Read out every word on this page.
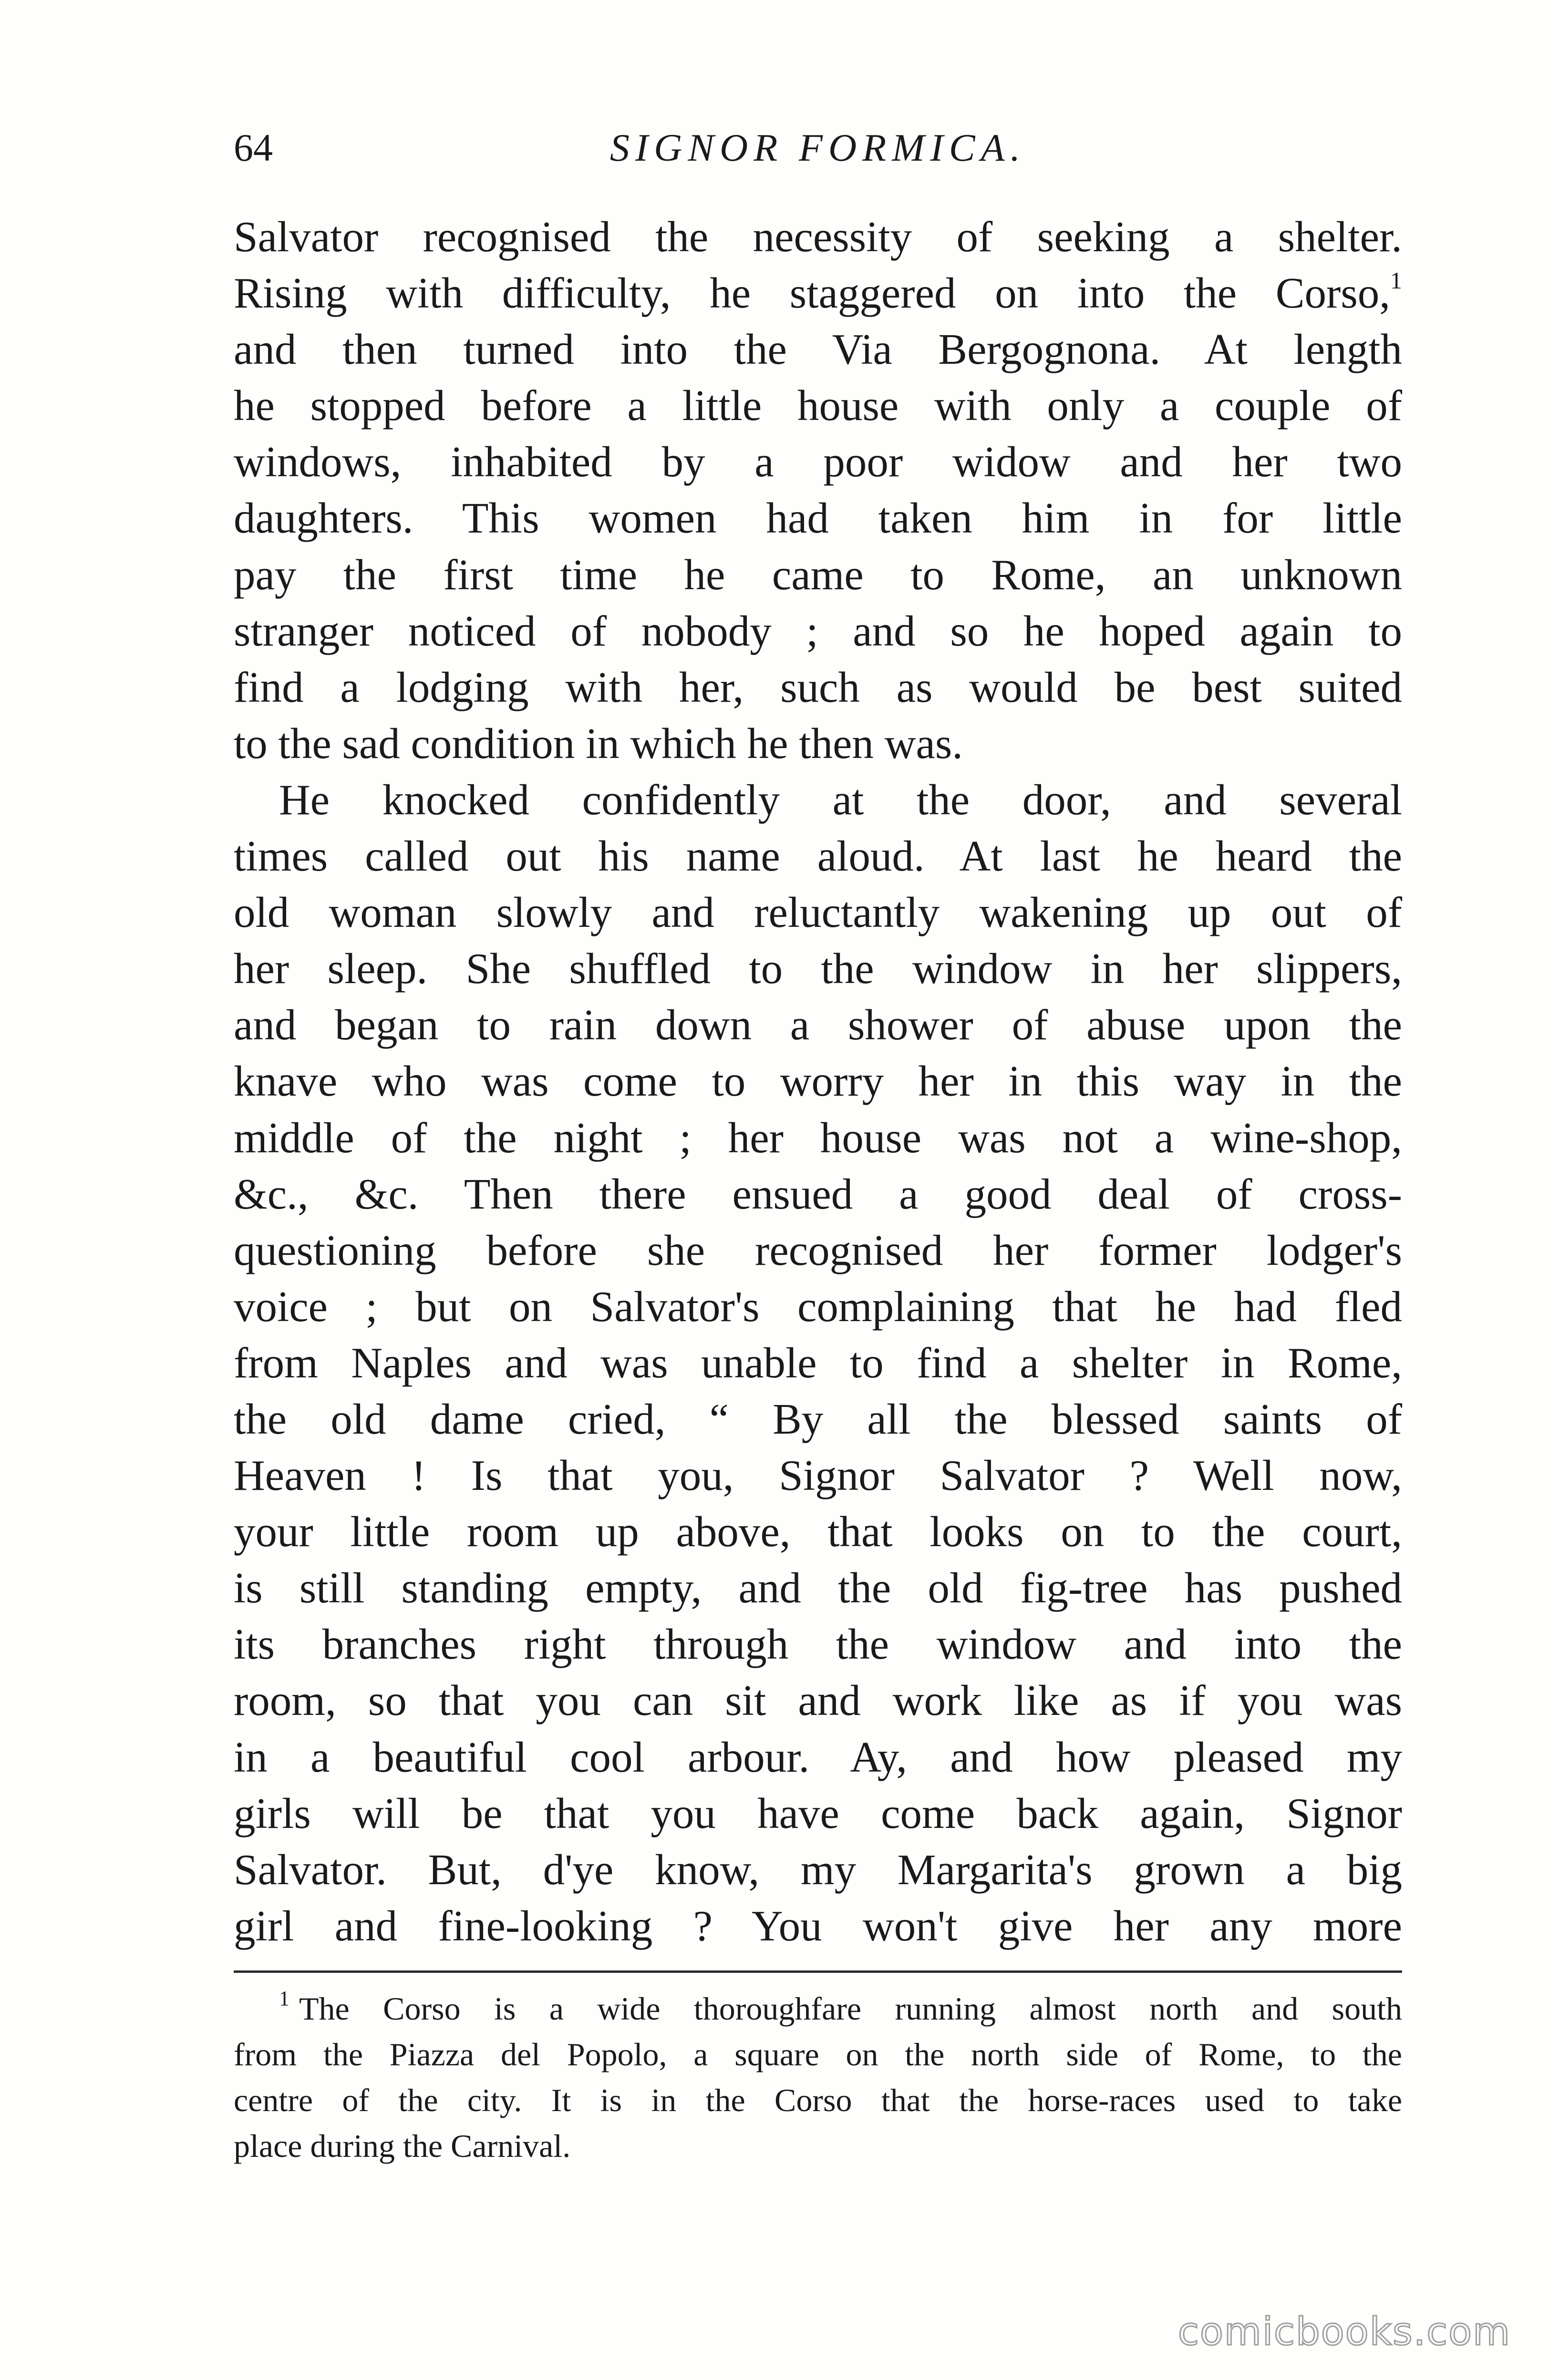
64	SIGNOR FORMICA.

Salvator recognised the necessity of seeking a shelter.
Rising with difficulty, he staggered on into the Corso,$^1$
and then turned into the Via Bergognona. At length
he stopped before a little house with only a couple of
windows, inhabited by a poor widow and her two
daughters. This women had taken him in for little
pay the first time he came to Rome, an unknown
stranger noticed of nobody ; and so he hoped again to
find a lodging with her, such as would be best suited
to the sad condition in which he then was.

He knocked confidently at the door, and several
times called out his name aloud. At last he heard the
old woman slowly and reluctantly wakening up out of
her sleep. She shuffled to the window in her slippers,
and began to rain down a shower of abuse upon the
knave who was come to worry her in this way in the
middle of the night ; her house was not a wine-shop,
&c., &c. Then there ensued a good deal of cross-
questioning before she recognised her former lodger's
voice ; but on Salvator's complaining that he had fled
from Naples and was unable to find a shelter in Rome,
the old dame cried, “ By all the blessed saints of
Heaven ! Is that you, Signor Salvator ? Well now,
your little room up above, that looks on to the court,
is still standing empty, and the old fig-tree has pushed
its branches right through the window and into the
room, so that you can sit and work like as if you was
in a beautiful cool arbour. Ay, and how pleased my
girls will be that you have come back again, Signor
Salvator. But, d'ye know, my Margarita's grown a big
girl and fine-looking ? You won't give her any more

$^1$ The Corso is a wide thoroughfare running almost north and south
from the Piazza del Popolo, a square on the north side of Rome, to the
centre of the city. It is in the Corso that the horse-races used to take
place during the Carnival.
comicbooks.com
